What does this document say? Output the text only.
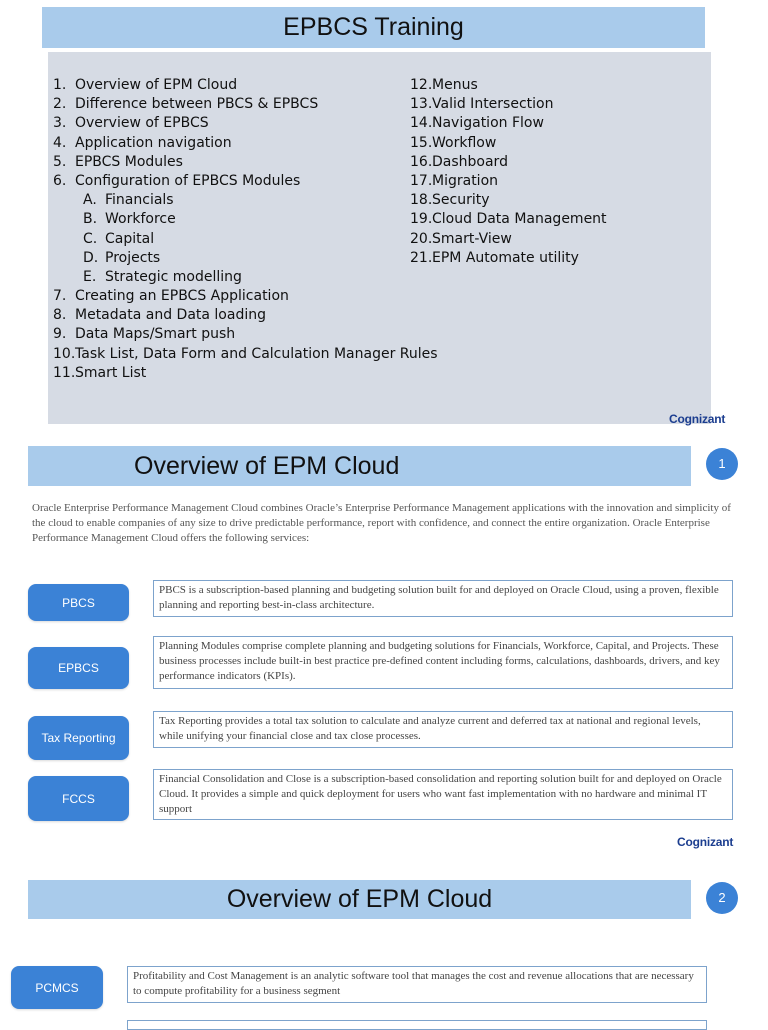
EPBCS Training
1. Overview of EPM Cloud
2. Difference between PBCS & EPBCS
3. Overview of EPBCS
4. Application navigation
5. EPBCS Modules
6. Configuration of EPBCS Modules
A. Financials
B. Workforce
C. Capital
D. Projects
E. Strategic modelling
7. Creating an EPBCS Application
8. Metadata and Data loading
9. Data Maps/Smart push
10.Task List, Data Form and Calculation Manager Rules
11.Smart List
12.Menus
13.Valid Intersection
14.Navigation Flow
15.Workflow
16.Dashboard
17.Migration
18.Security
19.Cloud Data Management
20.Smart-View
21.EPM Automate utility
Cognizant
Overview of EPM Cloud	1
Oracle Enterprise Performance Management Cloud combines Oracle’s Enterprise Performance Management applications with the innovation and simplicity of the cloud to enable companies of any size to drive predictable performance, report with confidence, and connect the entire organization. Oracle Enterprise Performance Management Cloud offers the following services:
PBCS
PBCS is a subscription-based planning and budgeting solution built for and deployed on Oracle Cloud, using a proven, flexible planning and reporting best-in-class architecture.
EPBCS
Planning Modules comprise complete planning and budgeting solutions for Financials, Workforce, Capital, and Projects. These business processes include built-in best practice pre-defined content including forms, calculations, dashboards, drivers, and key performance indicators (KPIs).
Tax Reporting
Tax Reporting provides a total tax solution to calculate and analyze current and deferred tax at national and regional levels, while unifying your financial close and tax close processes.
FCCS
Financial Consolidation and Close is a subscription-based consolidation and reporting solution built for and deployed on Oracle Cloud. It provides a simple and quick deployment for users who want fast implementation with no hardware and minimal IT support
Cognizant
Overview of EPM Cloud	2
PCMCS
Profitability and Cost Management is an analytic software tool that manages the cost and revenue allocations that are necessary to compute profitability for a business segment
